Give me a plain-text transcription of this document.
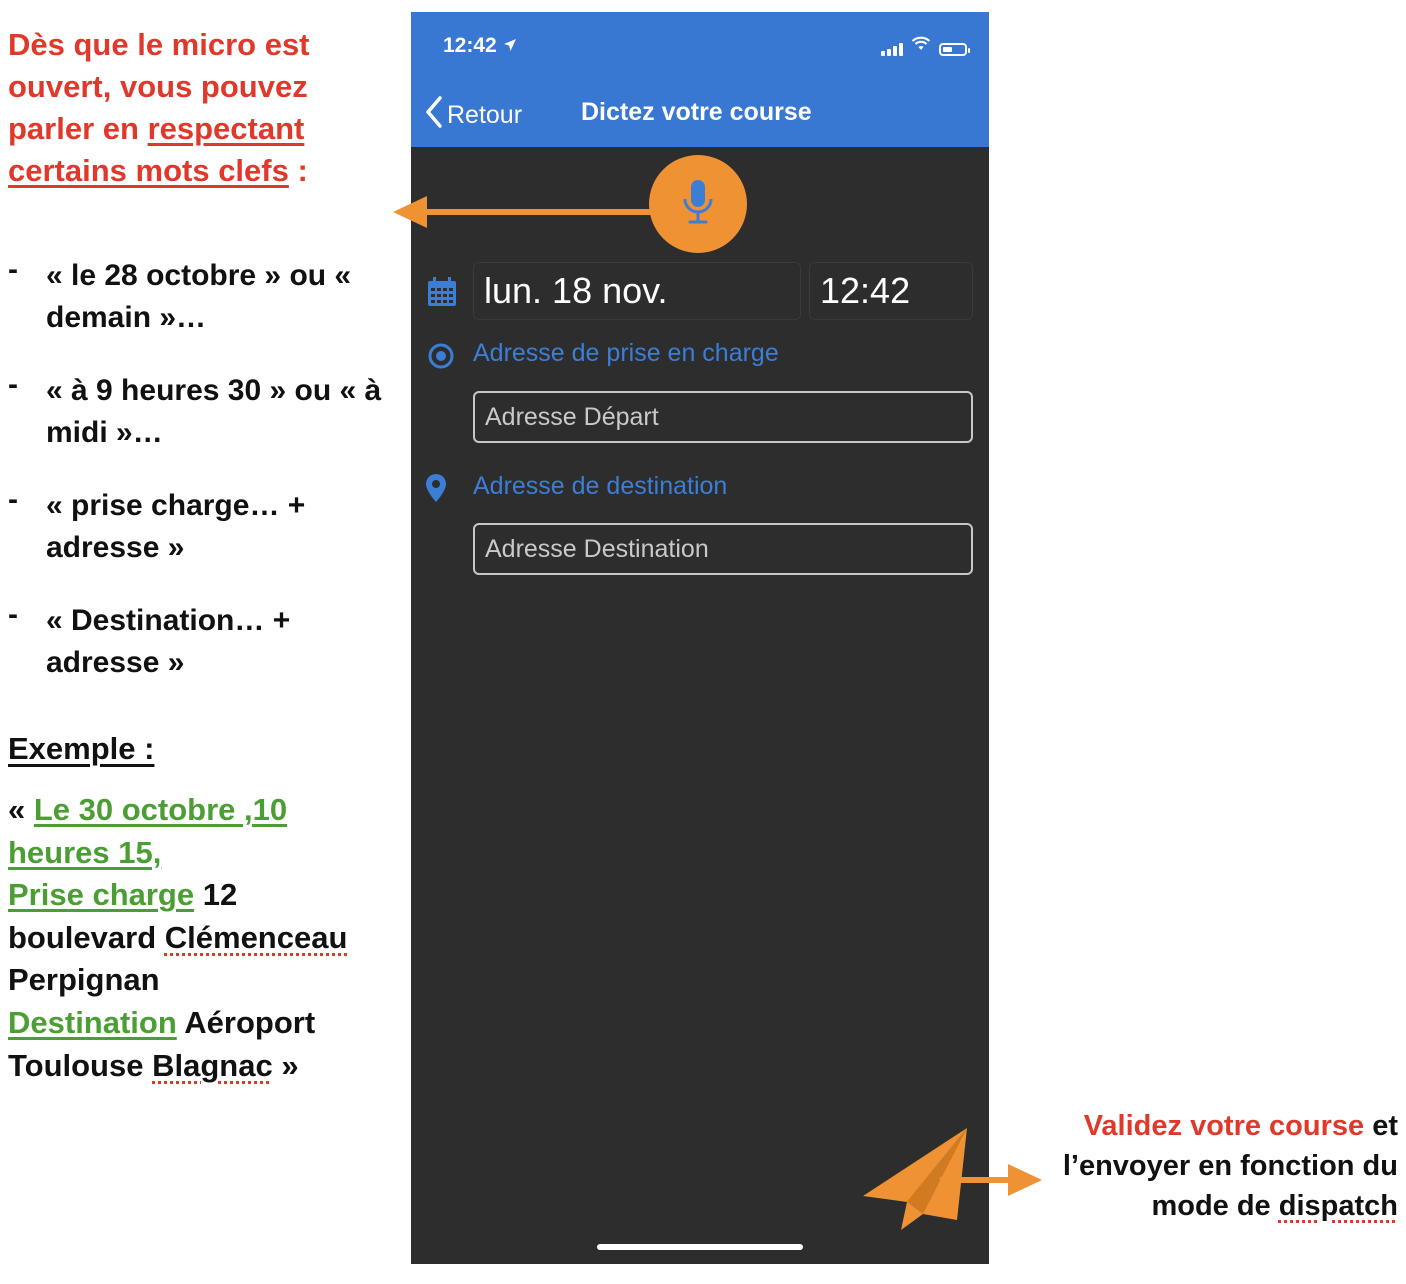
Dès que le micro est ouvert, vous pouvez parler en respectant certains mots clefs :

- « le 28 octobre » ou « demain »…
- « à 9 heures 30 » ou « à midi »…
- « prise charge… + adresse »
- « Destination… + adresse »

Exemple :

« Le 30 octobre ,10 heures 15,
Prise charge 12 boulevard Clémenceau Perpignan
Destination Aéroport Toulouse Blagnac »

12:42
Retour Dictez votre course
lun. 18 nov.	12:42
Adresse de prise en charge
Adresse Départ
Adresse de destination
Adresse Destination

Validez votre course et l’envoyer en fonction du mode de dispatch
